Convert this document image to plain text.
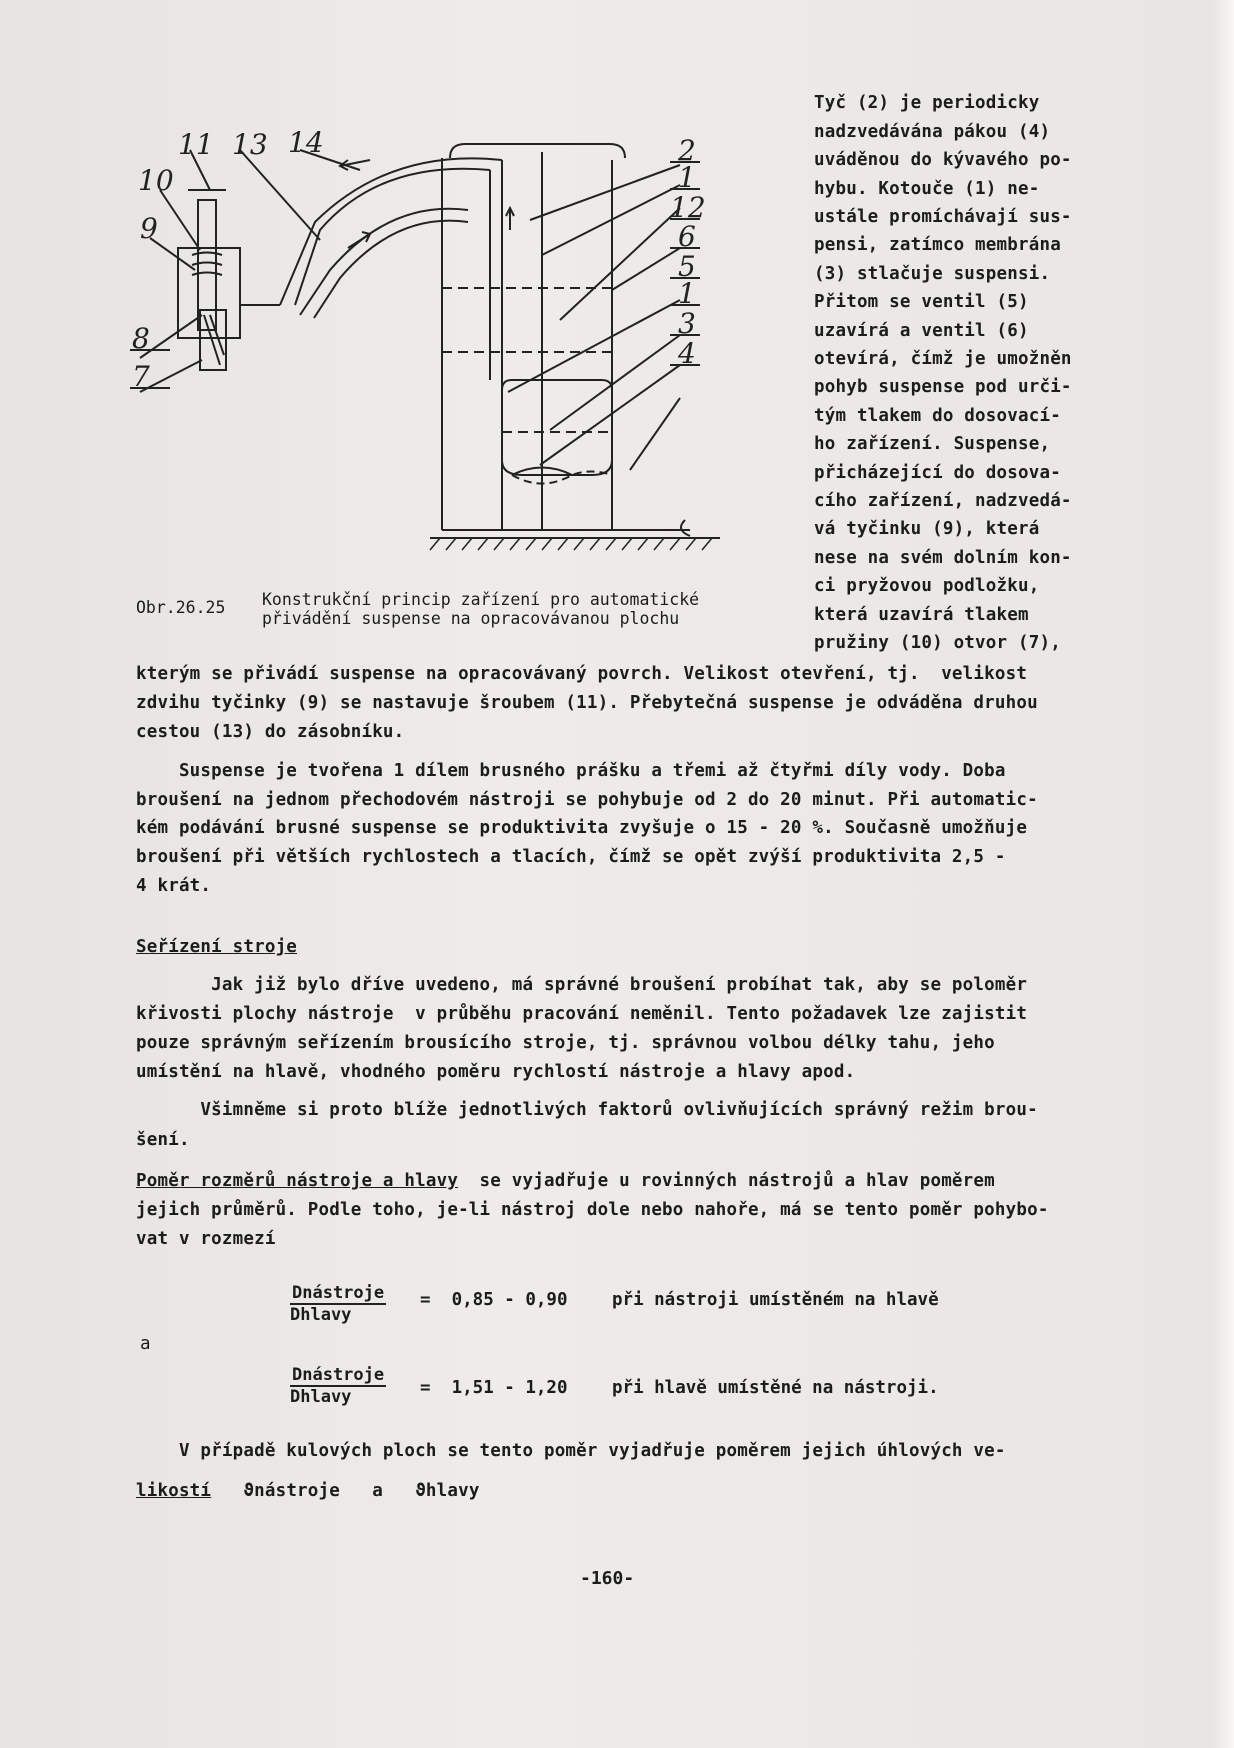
11 13 14
10
9
8
7
2
1
12
6
5
1
3
4
Obr.26.25 Konstrukční princip zařízení pro automatické
přivádění suspense na opracovávanou plochu
Tyč (2) je periodicky
nadzvedávána pákou (4)
uváděnou do kývavého po-
hybu. Kotouče (1) ne-
ustále promíchávají sus-
pensi, zatímco membrána
(3) stlačuje suspensi.
Přitom se ventil (5)
uzavírá a ventil (6)
otevírá, čímž je umožněn
pohyb suspense pod urči-
tým tlakem do dosovací-
ho zařízení. Suspense,
přicházející do dosova-
cího zařízení, nadzvedá-
vá tyčinku (9), která
nese na svém dolním kon-
ci pryžovou podložku,
která uzavírá tlakem
pružiny (10) otvor (7),
kterým se přivádí suspense na opracovávaný povrch. Velikost otevření, tj.  velikost
zdvihu tyčinky (9) se nastavuje šroubem (11). Přebytečná suspense je odváděna druhou
cestou (13) do zásobníku.
Suspense je tvořena 1 dílem brusného prášku a třemi až čtyřmi díly vody. Doba
broušení na jednom přechodovém nástroji se pohybuje od 2 do 20 minut. Při automatic-
kém podávání brusné suspense se produktivita zvyšuje o 15 - 20 %. Současně umožňuje
broušení při větších rychlostech a tlacích, čímž se opět zvýší produktivita 2,5 -
4 krát.
Seřízení stroje
Jak již bylo dříve uvedeno, má správné broušení probíhat tak, aby se poloměr
křivosti plochy nástroje  v průběhu pracování neměnil. Tento požadavek lze zajistit
pouze správným seřízením brousícího stroje, tj. správnou volbou délky tahu, jeho
umístění na hlavě, vhodného poměru rychlostí nástroje a hlavy apod.
Všimněme si proto blíže jednotlivých faktorů ovlivňujících správný režim brou-
šení.
Poměr rozměrů nástroje a hlavy  se vyjadřuje u rovinných nástrojů a hlav poměrem
jejich průměrů. Podle toho, je-li nástroj dole nebo nahoře, má se tento poměr pohybo-
vat v rozmezí
Dnástroje
Dhlavy
=  0,85 - 0,90	při nástroji umístěném na hlavě
a
Dnástroje
Dhlavy	=  1,51 - 1,20	při hlavě umístěné na nástroji.
V případě kulových ploch se tento poměr vyjadřuje poměrem jejich úhlových ve-
likostí ϑnástroje a ϑhlavy
-160-
